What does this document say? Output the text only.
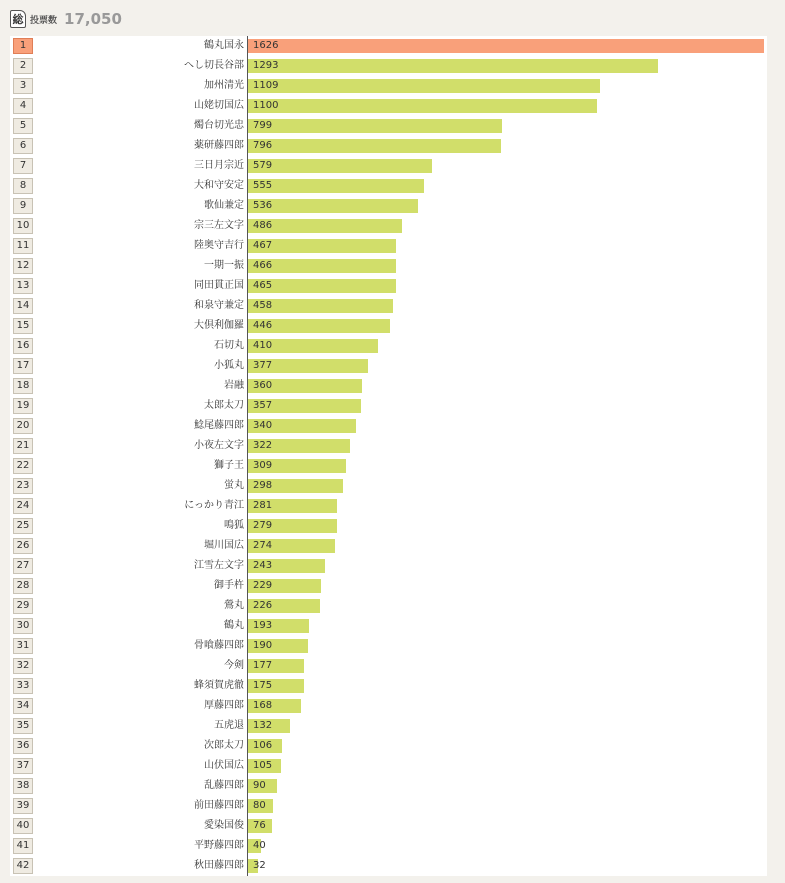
総 投票数 17,050
1	鶴丸国永 1626
2	へし切長谷部 1293
3	加州清光 1109
4	山姥切国広 1100
5	燭台切光忠 799
6	薬研藤四郎 796
7	三日月宗近 579
8	大和守安定 555
9	歌仙兼定 536
10	宗三左文字 486
11	陸奥守吉行 467
12	一期一振 466
13	同田貫正国 465
14	和泉守兼定 458
15	大倶利伽羅 446
16	石切丸 410
17	小狐丸 377
18	岩融 360
19	太郎太刀 357
20	鯰尾藤四郎 340
21	小夜左文字 322
22	獅子王 309
23	蛍丸 298
24	にっかり青江 281
25	鳴狐 279
26	堀川国広 274
27	江雪左文字 243
28	御手杵 229
29	鶯丸 226
30	鶴丸 193
31	骨喰藤四郎 190
32	今剣 177
33	蜂須賀虎徹 175
34	厚藤四郎 168
35	五虎退 132
36	次郎太刀 106
37	山伏国広 105
38	乱藤四郎 90
39	前田藤四郎 80
40	愛染国俊 76
41	平野藤四郎 40
42	秋田藤四郎 32
